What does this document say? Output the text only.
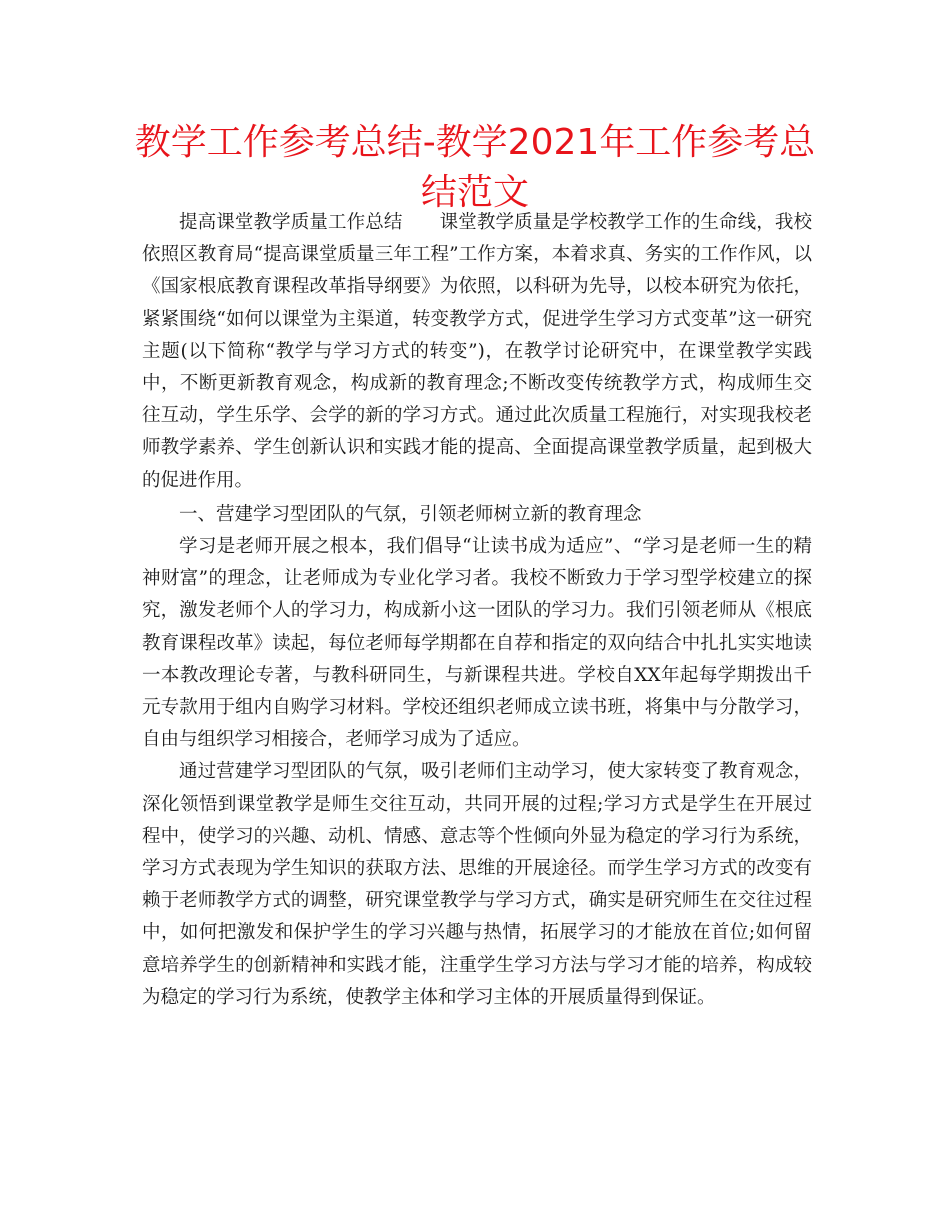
教学工作参考总结-教学2021年工作参考总结范文

提高课堂教学质量工作总结 课堂教学质量是学校教学工作的生命线，我校依照区教育局“提高课堂质量三年工程”工作方案，本着求真、务实的工作作风，以《国家根底教育课程改革指导纲要》为依照，以科研为先导，以校本研究为依托，紧紧围绕“如何以课堂为主渠道，转变教学方式，促进学生学习方式变革”这一研究主题(以下简称“教学与学习方式的转变”)，在教学讨论研究中，在课堂教学实践中，不断更新教育观念，构成新的教育理念;不断改变传统教学方式，构成师生交往互动，学生乐学、会学的新的学习方式。通过此次质量工程施行，对实现我校老师教学素养、学生创新认识和实践才能的提高、全面提高课堂教学质量，起到极大的促进作用。

一、营建学习型团队的气氛，引领老师树立新的教育理念

学习是老师开展之根本，我们倡导“让读书成为适应”、“学习是老师一生的精神财富”的理念，让老师成为专业化学习者。我校不断致力于学习型学校建立的探究，激发老师个人的学习力，构成新小这一团队的学习力。我们引领老师从《根底教育课程改革》读起，每位老师每学期都在自荐和指定的双向结合中扎扎实实地读一本教改理论专著，与教科研同生，与新课程共进。学校自XX年起每学期拨出千元专款用于组内自购学习材料。学校还组织老师成立读书班，将集中与分散学习，自由与组织学习相接合，老师学习成为了适应。

通过营建学习型团队的气氛，吸引老师们主动学习，使大家转变了教育观念，深化领悟到课堂教学是师生交往互动，共同开展的过程;学习方式是学生在开展过程中，使学习的兴趣、动机、情感、意志等个性倾向外显为稳定的学习行为系统，学习方式表现为学生知识的获取方法、思维的开展途径。而学生学习方式的改变有赖于老师教学方式的调整，研究课堂教学与学习方式，确实是研究师生在交往过程中，如何把激发和保护学生的学习兴趣与热情，拓展学习的才能放在首位;如何留意培养学生的创新精神和实践才能，注重学生学习方法与学习才能的培养，构成较为稳定的学习行为系统，使教学主体和学习主体的开展质量得到保证。
